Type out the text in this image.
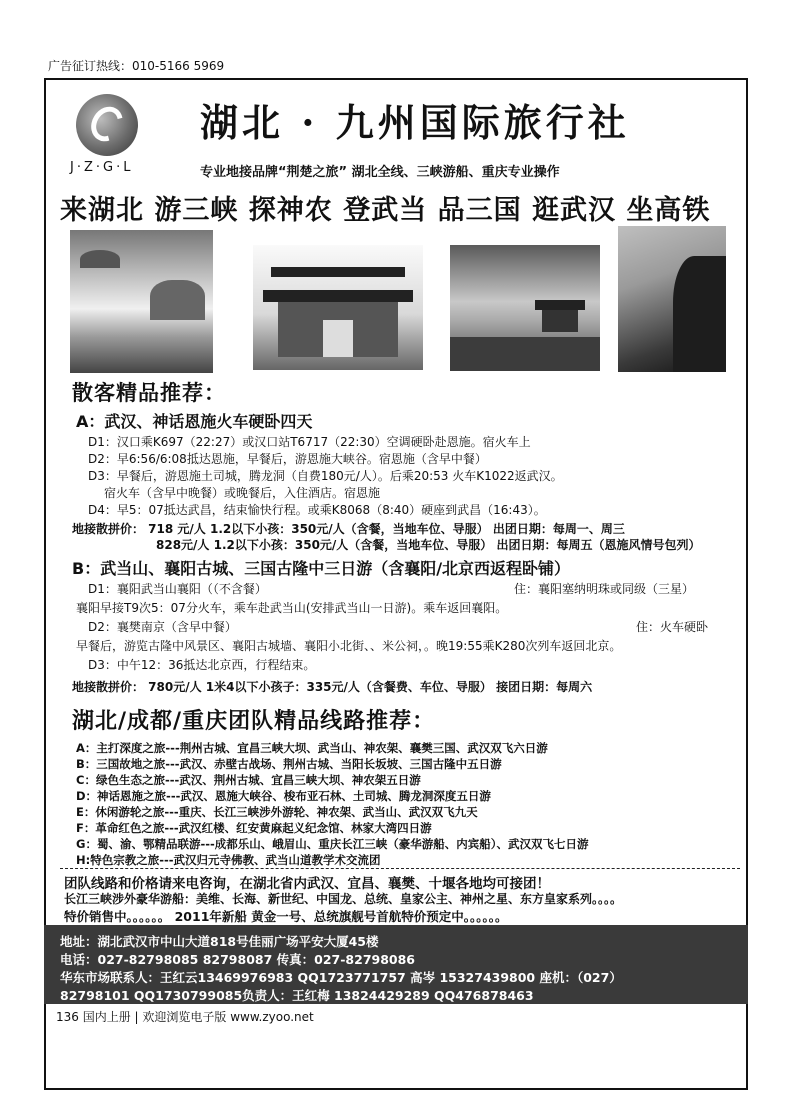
广告征订热线：010-5166 5969
J·Z·G·L
湖北 · 九州国际旅行社
专业地接品牌“荆楚之旅” 湖北全线、三峡游船、重庆专业操作
来湖北 游三峡 探神农 登武当 品三国 逛武汉 坐高铁
散客精品推荐：
A：武汉、神话恩施火车硬卧四天
D1：汉口乘K697（22:27）或汉口站T6717（22:30）空调硬卧赴恩施。宿火车上
D2：早6:56/6:08抵达恩施，早餐后，游恩施大峡谷。宿恩施（含早中餐）
D3：早餐后，游恩施土司城，腾龙洞（自费180元/人）。后乘20:53 火车K1022返武汉。
宿火车（含早中晚餐）或晚餐后，入住酒店。宿恩施
D4：早5：07抵达武昌，结束愉快行程。或乘K8068（8:40）硬座到武昌（16:43）。
地接散拼价： 718 元/人 1.2以下小孩：350元/人（含餐，当地车位、导服） 出团日期：每周一、周三
828元/人 1.2以下小孩：350元/人（含餐，当地车位、导服） 出团日期：每周五（恩施风情号包列）
B：武当山、襄阳古城、三国古隆中三日游（含襄阳/北京西返程卧铺）
D1：襄阳武当山襄阳（（不含餐）	住：襄阳塞纳明珠或同级（三星）
襄阳早接T9次5：07分火车，乘车赴武当山(安排武当山一日游)。乘车返回襄阳。
D2：襄樊南京（含早中餐）	住：火车硬卧
早餐后，游览古隆中风景区、襄阳古城墙、襄阳小北街、、米公祠，。晚19:55乘K280次列车返回北京。
D3：中午12：36抵达北京西，行程结束。
地接散拼价： 780元/人 1米4以下小孩子：335元/人（含餐费、车位、导服） 接团日期：每周六
湖北/成都/重庆团队精品线路推荐：
A：主打深度之旅---荆州古城、宜昌三峡大坝、武当山、神农架、襄樊三国、武汉双飞六日游
B：三国故地之旅---武汉、赤壁古战场、荆州古城、当阳长坂坡、三国古隆中五日游
C：绿色生态之旅---武汉、荆州古城、宜昌三峡大坝、神农架五日游
D：神话恩施之旅---武汉、恩施大峡谷、梭布亚石林、土司城、腾龙洞深度五日游
E：休闲游轮之旅---重庆、长江三峡涉外游轮、神农架、武当山、武汉双飞九天
F：革命红色之旅---武汉红楼、红安黄麻起义纪念馆、林家大湾四日游
G：蜀、渝、鄂精品联游---成都乐山、峨眉山、重庆长江三峡（豪华游船、内宾船）、武汉双飞七日游
H:特色宗教之旅---武汉归元寺佛教、武当山道教学术交流团
团队线路和价格请来电咨询，在湖北省内武汉、宜昌、襄樊、十堰各地均可接团！
长江三峡涉外豪华游船：美维、长海、新世纪、中国龙、总统、皇家公主、神州之星、东方皇家系列。。。。
特价销售中。。。。。。 2011年新船 黄金一号、总统旗舰号首航特价预定中。。。。。。
地址：湖北武汉市中山大道818号佳丽广场平安大厦45楼
电话：027-82798085 82798087 传真：027-82798086
华东市场联系人：王红云13469976983 QQ1723771757 高岑 15327439800 座机：（027）
82798101 QQ1730799085负责人：王红梅 13824429289 QQ476878463
136 国内上册 | 欢迎浏览电子版 www.zyoo.net
